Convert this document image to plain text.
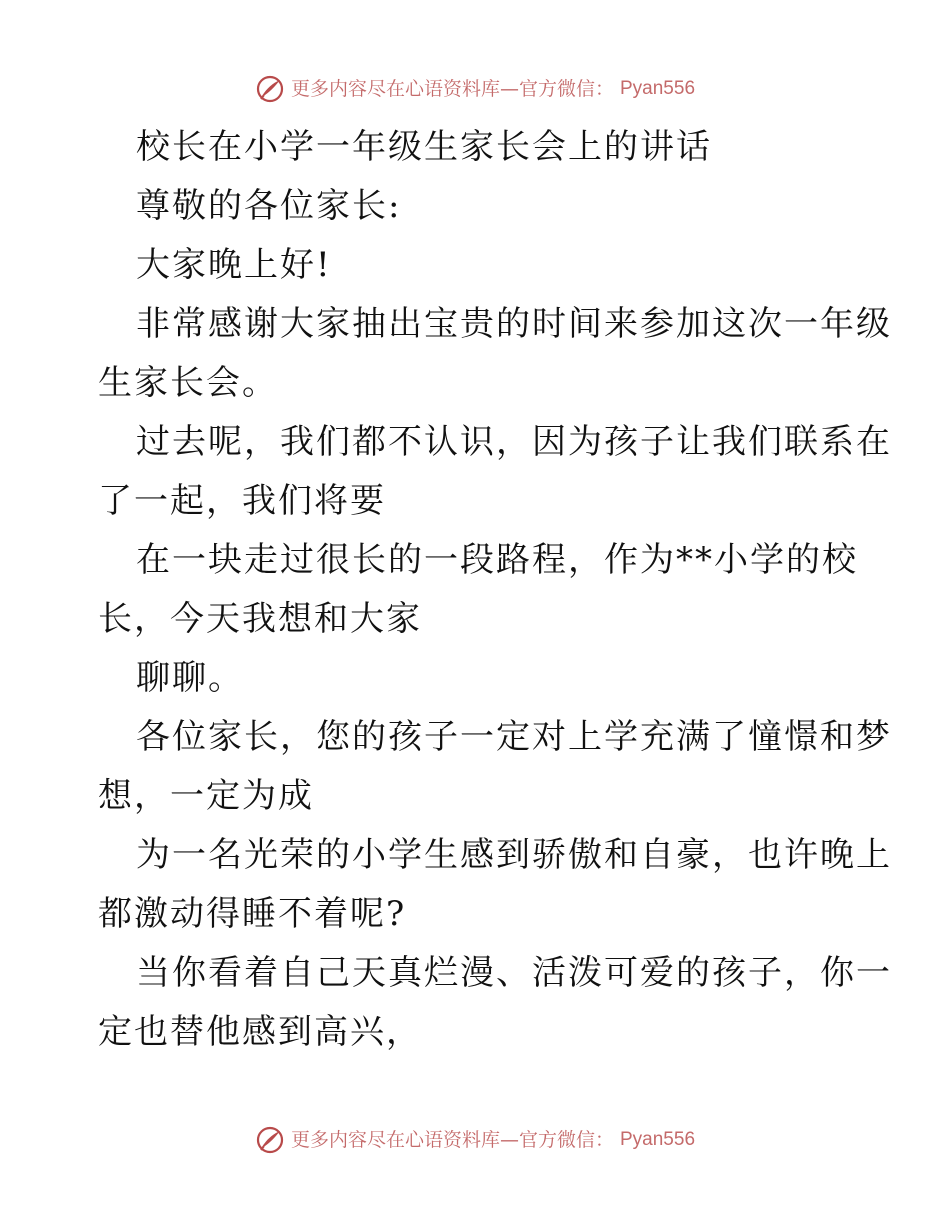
更多内容尽在心语资料库—官方微信： Pyan556
校长在小学一年级生家长会上的讲话
尊敬的各位家长:
大家晚上好!
非常感谢大家抽出宝贵的时间来参加这次一年级
生家长会。
过去呢，我们都不认识，因为孩子让我们联系在
了一起，我们将要
在一块走过很长的一段路程，作为**小学的校
长，今天我想和大家
聊聊。
各位家长，您的孩子一定对上学充满了憧憬和梦
想，一定为成
为一名光荣的小学生感到骄傲和自豪，也许晚上
都激动得睡不着呢?
当你看着自己天真烂漫、活泼可爱的孩子，你一
定也替他感到高兴，
更多内容尽在心语资料库—官方微信： Pyan556
